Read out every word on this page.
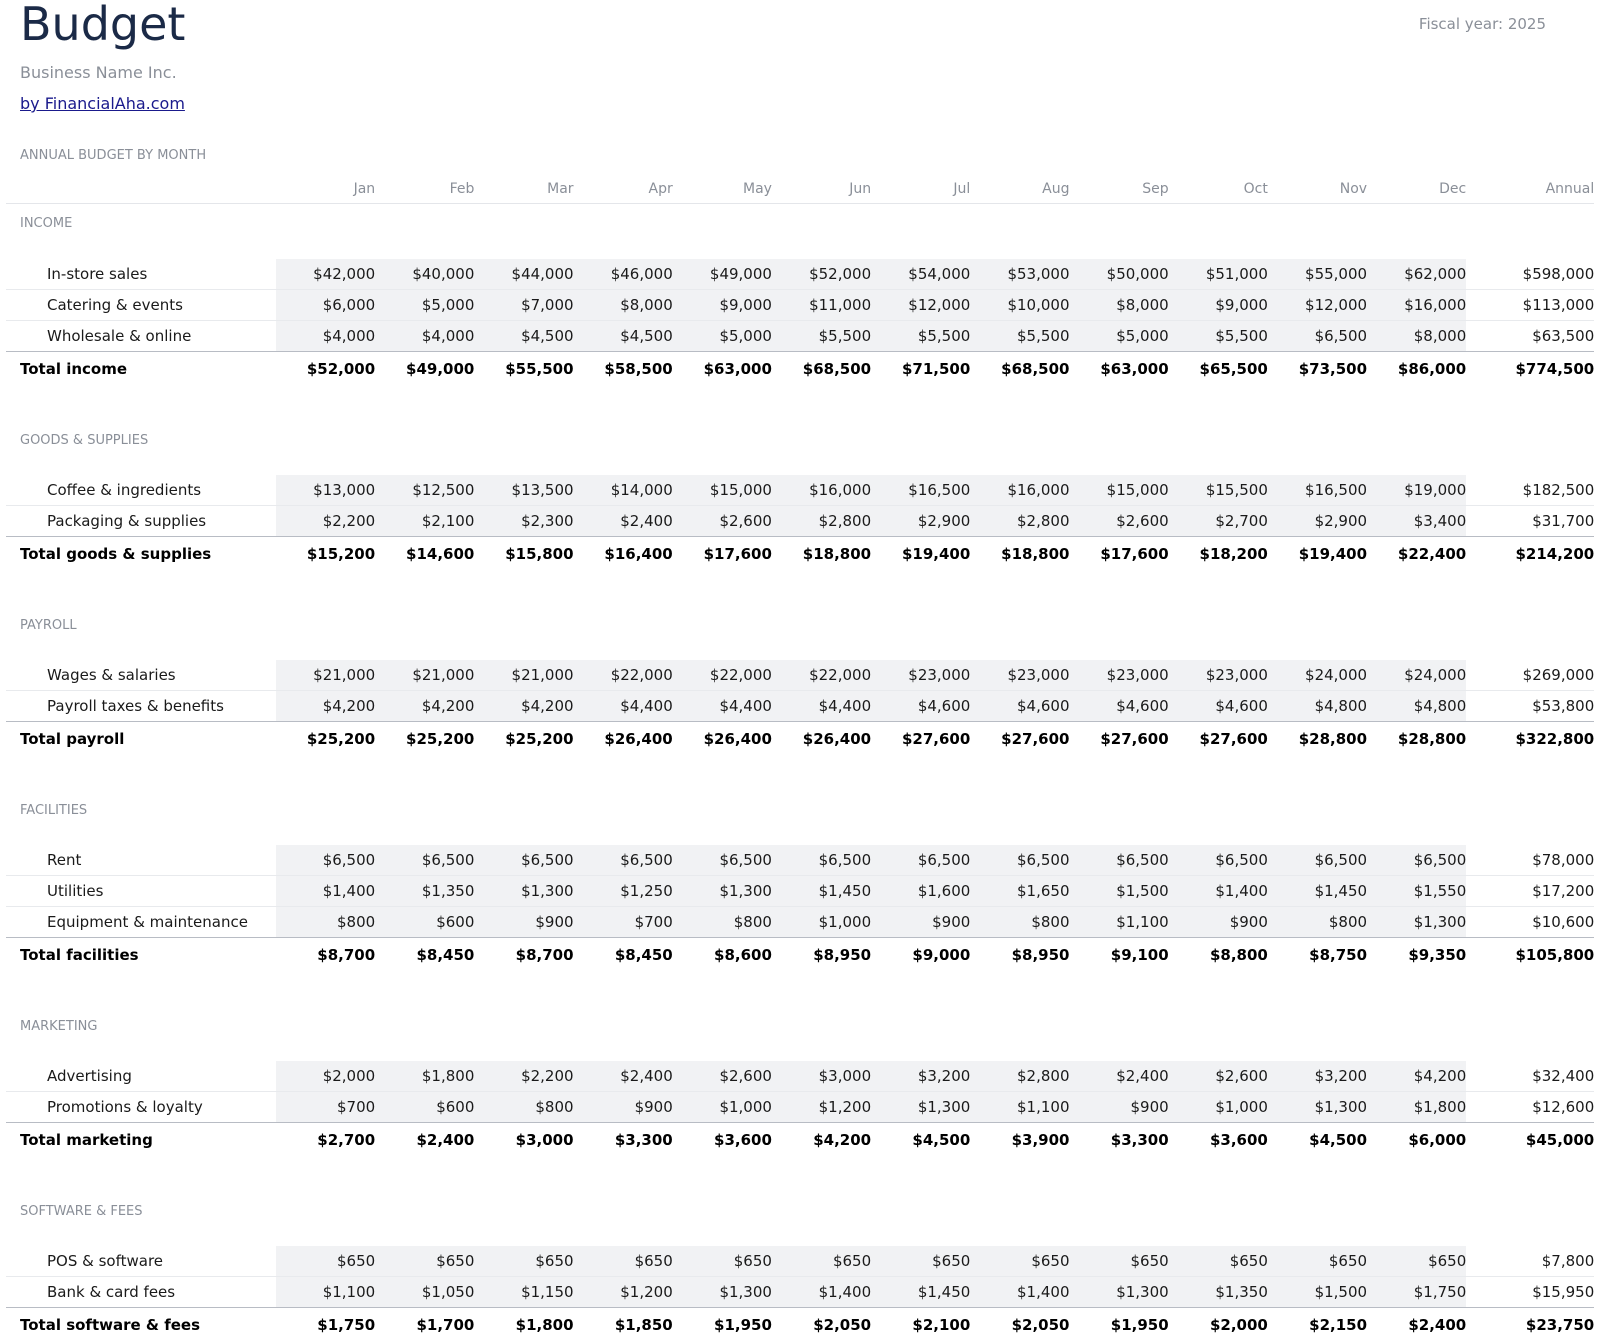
Budget	Fiscal year: 2025
Business Name Inc.
by FinancialAha.com
ANNUAL BUDGET BY MONTH
	Jan	Feb	Mar	Apr	May	Jun	Jul	Aug	Sep	Oct	Nov	Dec	Annual
INCOME													

In-store sales	$42,000	$40,000	$44,000	$46,000	$49,000	$52,000	$54,000	$53,000	$50,000	$51,000	$55,000	$62,000	$598,000
Catering & events	$6,000	$5,000	$7,000	$8,000	$9,000	$11,000	$12,000	$10,000	$8,000	$9,000	$12,000	$16,000	$113,000
Wholesale & online	$4,000	$4,000	$4,500	$4,500	$5,000	$5,500	$5,500	$5,500	$5,000	$5,500	$6,500	$8,000	$63,500
Total income	$52,000	$49,000	$55,500	$58,500	$63,000	$68,500	$71,500	$68,500	$63,000	$65,500	$73,500	$86,000	$774,500

GOODS & SUPPLIES													

Coffee & ingredients	$13,000	$12,500	$13,500	$14,000	$15,000	$16,000	$16,500	$16,000	$15,000	$15,500	$16,500	$19,000	$182,500
Packaging & supplies	$2,200	$2,100	$2,300	$2,400	$2,600	$2,800	$2,900	$2,800	$2,600	$2,700	$2,900	$3,400	$31,700
Total goods & supplies	$15,200	$14,600	$15,800	$16,400	$17,600	$18,800	$19,400	$18,800	$17,600	$18,200	$19,400	$22,400	$214,200

PAYROLL													

Wages & salaries	$21,000	$21,000	$21,000	$22,000	$22,000	$22,000	$23,000	$23,000	$23,000	$23,000	$24,000	$24,000	$269,000
Payroll taxes & benefits	$4,200	$4,200	$4,200	$4,400	$4,400	$4,400	$4,600	$4,600	$4,600	$4,600	$4,800	$4,800	$53,800
Total payroll	$25,200	$25,200	$25,200	$26,400	$26,400	$26,400	$27,600	$27,600	$27,600	$27,600	$28,800	$28,800	$322,800

FACILITIES													

Rent	$6,500	$6,500	$6,500	$6,500	$6,500	$6,500	$6,500	$6,500	$6,500	$6,500	$6,500	$6,500	$78,000
Utilities	$1,400	$1,350	$1,300	$1,250	$1,300	$1,450	$1,600	$1,650	$1,500	$1,400	$1,450	$1,550	$17,200
Equipment & maintenance	$800	$600	$900	$700	$800	$1,000	$900	$800	$1,100	$900	$800	$1,300	$10,600
Total facilities	$8,700	$8,450	$8,700	$8,450	$8,600	$8,950	$9,000	$8,950	$9,100	$8,800	$8,750	$9,350	$105,800

MARKETING													

Advertising	$2,000	$1,800	$2,200	$2,400	$2,600	$3,000	$3,200	$2,800	$2,400	$2,600	$3,200	$4,200	$32,400
Promotions & loyalty	$700	$600	$800	$900	$1,000	$1,200	$1,300	$1,100	$900	$1,000	$1,300	$1,800	$12,600
Total marketing	$2,700	$2,400	$3,000	$3,300	$3,600	$4,200	$4,500	$3,900	$3,300	$3,600	$4,500	$6,000	$45,000

SOFTWARE & FEES													

POS & software	$650	$650	$650	$650	$650	$650	$650	$650	$650	$650	$650	$650	$7,800
Bank & card fees	$1,100	$1,050	$1,150	$1,200	$1,300	$1,400	$1,450	$1,400	$1,300	$1,350	$1,500	$1,750	$15,950
Total software & fees	$1,750	$1,700	$1,800	$1,850	$1,950	$2,050	$2,100	$2,050	$1,950	$2,000	$2,150	$2,400	$23,750
